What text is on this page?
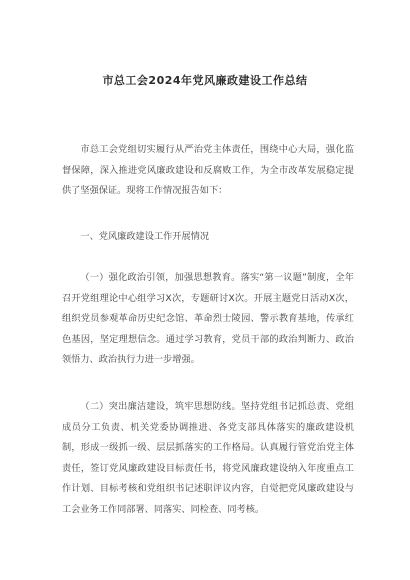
市总工会2024年党风廉政建设工作总结
市总工会党组切实履行从严治党主体责任，围绕中心大局，强化监督保障，深入推进党风廉政建设和反腐败工作，为全市改革发展稳定提供了坚强保证。现将工作情况报告如下：
一、党风廉政建设工作开展情况
（一）强化政治引领，加强思想教育。落实“第一议题”制度，全年召开党组理论中心组学习X次，专题研讨X次。开展主题党日活动X次，组织党员参观革命历史纪念馆、革命烈士陵园、警示教育基地，传承红色基因，坚定理想信念。通过学习教育，党员干部的政治判断力、政治领悟力、政治执行力进一步增强。
（二）突出廉洁建设，筑牢思想防线。坚持党组书记抓总责、党组成员分工负责、机关党委协调推进、各党支部具体落实的廉政建设机制，形成一级抓一级、层层抓落实的工作格局。认真履行管党治党主体责任，签订党风廉政建设目标责任书，将党风廉政建设纳入年度重点工作计划、目标考核和党组织书记述职评议内容，自觉把党风廉政建设与工会业务工作同部署、同落实、同检查、同考核。
